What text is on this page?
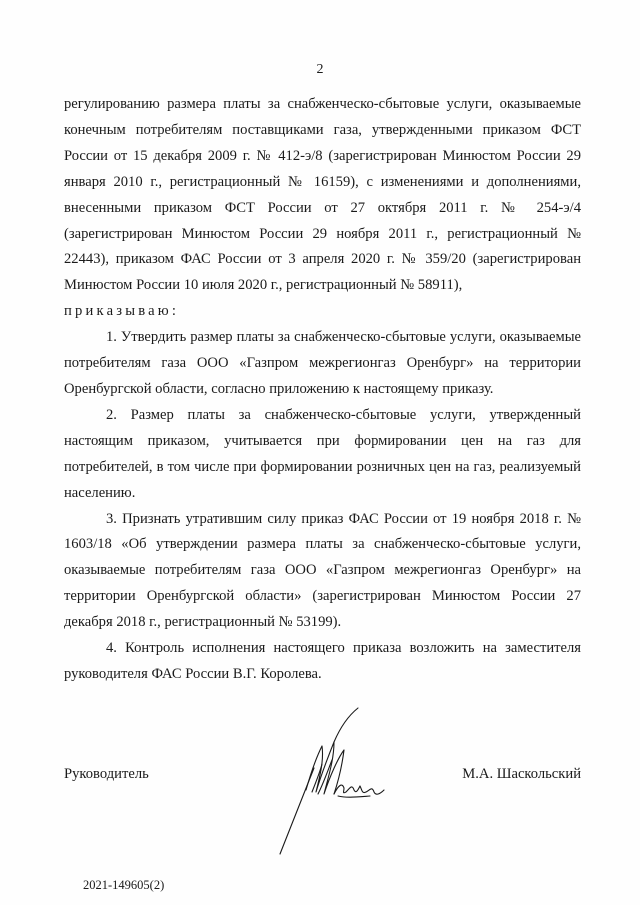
2

регулированию размера платы за снабженческо-сбытовые услуги, оказываемые конечным потребителям поставщиками газа, утвержденными приказом ФСТ России от 15 декабря 2009 г. № 412-э/8 (зарегистрирован Минюстом России 29 января 2010 г., регистрационный № 16159), с изменениями и дополнениями, внесенными приказом ФСТ России от 27 октября 2011 г. № 254-э/4 (зарегистрирован Минюстом России 29 ноября 2011 г., регистрационный № 22443), приказом ФАС России от 3 апреля 2020 г. № 359/20 (зарегистрирован Минюстом России 10 июля 2020 г., регистрационный № 58911),

приказываю:

1. Утвердить размер платы за снабженческо-сбытовые услуги, оказываемые потребителям газа ООО «Газпром межрегионгаз Оренбург» на территории Оренбургской области, согласно приложению к настоящему приказу.

2. Размер платы за снабженческо-сбытовые услуги, утвержденный настоящим приказом, учитывается при формировании цен на газ для потребителей, в том числе при формировании розничных цен на газ, реализуемый населению.

3. Признать утратившим силу приказ ФАС России от 19 ноября 2018 г. № 1603/18 «Об утверждении размера платы за снабженческо-сбытовые услуги, оказываемые потребителям газа ООО «Газпром межрегионгаз Оренбург» на территории Оренбургской области» (зарегистрирован Минюстом России 27 декабря 2018 г., регистрационный № 53199).

4. Контроль исполнения настоящего приказа возложить на заместителя руководителя ФАС России В.Г. Королева.

Руководитель	М.А. Шаскольский
2021-149605(2)
